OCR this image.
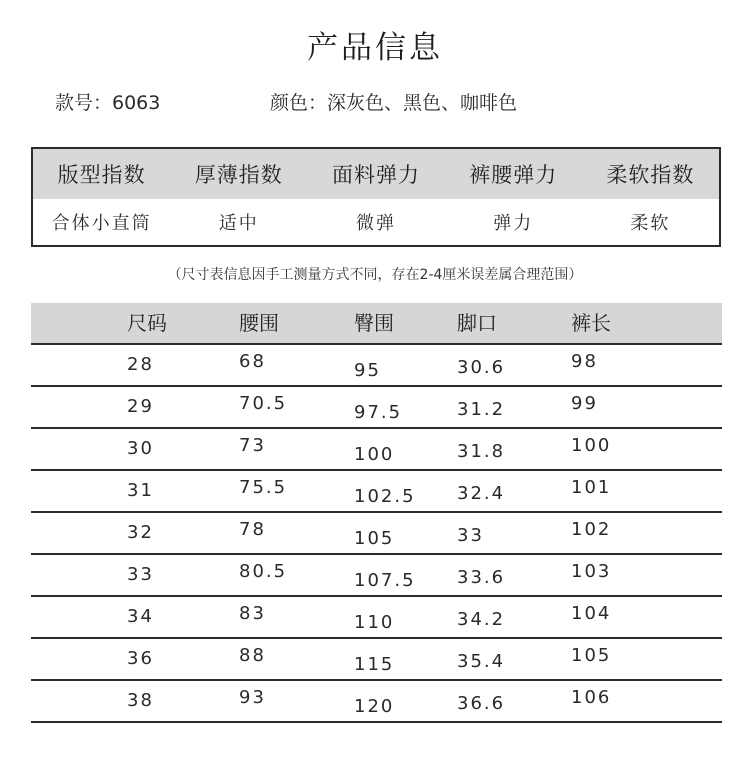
产品信息
款号：6063	颜色：深灰色、黑色、咖啡色
版型指数	厚薄指数	面料弹力	裤腰弹力	柔软指数
合体小直筒	适中	微弹	弹力	柔软
（尺寸表信息因手工测量方式不同，存在2-4厘米误差属合理范围）
尺码	腰围	臀围	脚口	裤长
28	68	95	30.6	98
29	70.5	97.5	31.2	99
30	73	100	31.8	100
31	75.5	102.5 32.4	101
32	78	105	33	102
33	80.5	107.5 33.6	103
34	83	110	34.2	104
36	88	115	35.4	105
38	93	120	36.6	106
